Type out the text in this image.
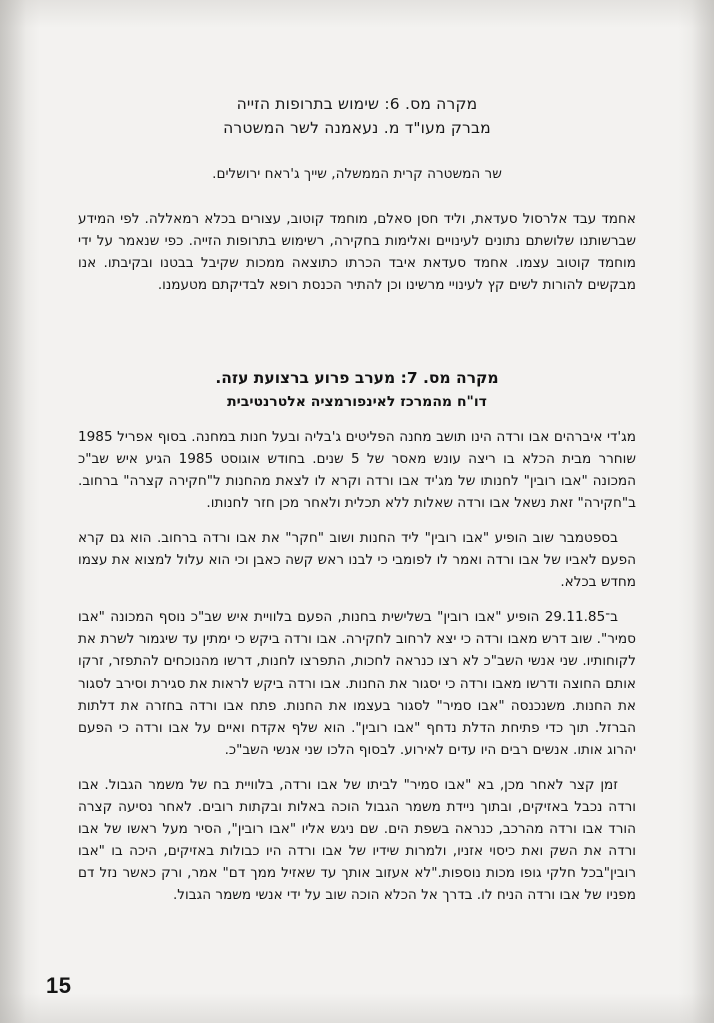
מקרה מס. 6: שימוש בתרופות הזייה
מברק מעו"ד מ. נעאמנה לשר המשטרה

שר המשטרה קרית הממשלה, שייך ג'ראח ירושלים.

אחמד עבד אלרסול סעדאת, וליד חסן סאלם, מוחמד קוטוב, עצורים בכלא רמאללה. לפי המידע שברשותנו שלושתם נתונים לעינויים ואלימות בחקירה, רשימוש בתרופות הזייה. כפי שנאמר על ידי מוחמד קוטוב עצמו. אחמד סעדאת איבד הכרתו כתוצאה ממכות שקיבל בבטנו ובקיבתו. אנו מבקשים להורות לשים קץ לעינויי מרשינו וכן להתיר הכנסת רופא לבדיקתם מטעמנו.

מקרה מס. 7: מערב פרוע ברצועת עזה.

דו"ח מהמרכז לאינפורמציה אלטרנטיבית

מג'די איברהים אבו ורדה הינו תושב מחנה הפליטים ג'בליה ובעל חנות במחנה. בסוף אפריל 1985 שוחרר מבית הכלא בו ריצה עונש מאסר של 5 שנים. בחודש אוגוסט 1985 הגיע איש שב"כ המכונה "אבו רובין" לחנותו של מג'יד אבו ורדה וקרא לו לצאת מהחנות ל"חקירה קצרה" ברחוב. ב"חקירה" זאת נשאל אבו ורדה שאלות ללא תכלית ולאחר מכן חזר לחנותו.

בספטמבר שוב הופיע "אבו רובין" ליד החנות ושוב "חקר" את אבו ורדה ברחוב. הוא גם קרא הפעם לאביו של אבו ורדה ואמר לו לפומבי כי לבנו ראש קשה כאבן וכי הוא עלול למצוא את עצמו מחדש בכלא.

ב־29.11.85 הופיע "אבו רובין" בשלישית בחנות, הפעם בלוויית איש שב"כ נוסף המכונה "אבו סמיר". שוב דרש מאבו ורדה כי יצא לרחוב לחקירה. אבו ורדה ביקש כי ימתין עד שיגמור לשרת את לקוחותיו. שני אנשי השב"כ לא רצו כנראה לחכות, התפרצו לחנות, דרשו מהנוכחים להתפזר, זרקו אותם החוצה ודרשו מאבו ורדה כי יסגור את החנות. אבו ורדה ביקש לראות את סגירת וסירב לסגור את החנות. משנכנסה "אבו סמיר" לסגור בעצמו את החנות. פתח אבו ורדה בחזרה את דלתות הברזל. תוך כדי פתיחת הדלת נדחף "אבו רובין". הוא שלף אקדח ואיים על אבו ורדה כי הפעם יהרוג אותו. אנשים רבים היו עדים לאירוע. לבסוף הלכו שני אנשי השב"כ.

זמן קצר לאחר מכן, בא "אבו סמיר" לביתו של אבו ורדה, בלוויית בח של משמר הגבול. אבו ורדה נכבל באזיקים, ובתוך ניידת משמר הגבול הוכה באלות ובקתות רובים. לאחר נסיעה קצרה הורד אבו ורדה מהרכב, כנראה בשפת הים. שם ניגש אליו "אבו רובין", הסיר מעל ראשו של אבו ורדה את השק ואת כיסוי אזניו, ולמרות שידיו של אבו ורדה היו כבולות באזיקים, היכה בו "אבו רובין"בכל חלקי גופו מכות נוספות."לא אעזוב אותך עד שאזיל ממך דם" אמר, ורק כאשר נזל דם מפניו של אבו ורדה הניח לו. בדרך אל הכלא הוכה שוב על ידי אנשי משמר הגבול.

15
